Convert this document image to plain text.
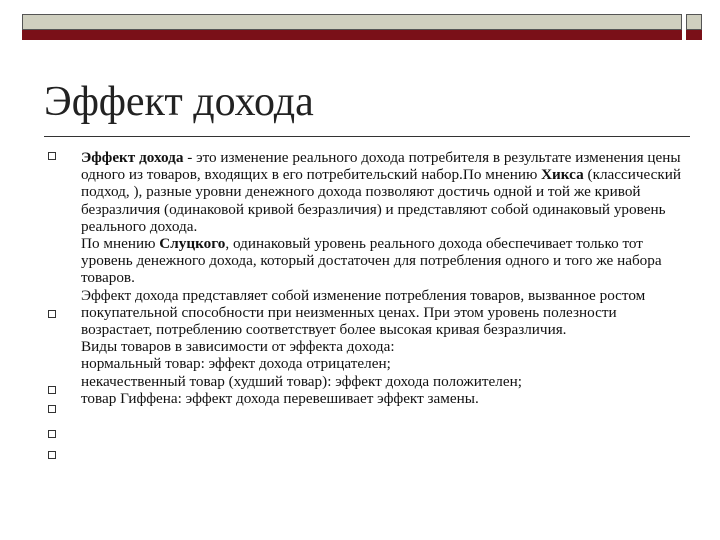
Эффект дохода
Эффект дохода - это изменение реального дохода потребителя в результате изменения цены одного из товаров, входящих в его потребительский набор.По мнению Хикса (классический подход, ), разные уровни денежного дохода позволяют достичь одной и той же кривой безразличия (одинаковой кривой безразличия) и представляют собой одинаковый уровень реального дохода.
По мнению Слуцкого, одинаковый уровень реального дохода обеспечивает только тот уровень денежного дохода, который достаточен для потребления одного и того же набора товаров.
Эффект дохода представляет собой изменение потребления товаров, вызванное ростом покупательной способности при неизменных ценах. При этом уровень полезности возрастает, потреблению соответствует более высокая кривая безразличия.
Виды товаров в зависимости от эффекта дохода:
нормальный товар: эффект дохода отрицателен;
некачественный товар (худший товар): эффект дохода положителен;
товар Гиффена: эффект дохода перевешивает эффект замены.
